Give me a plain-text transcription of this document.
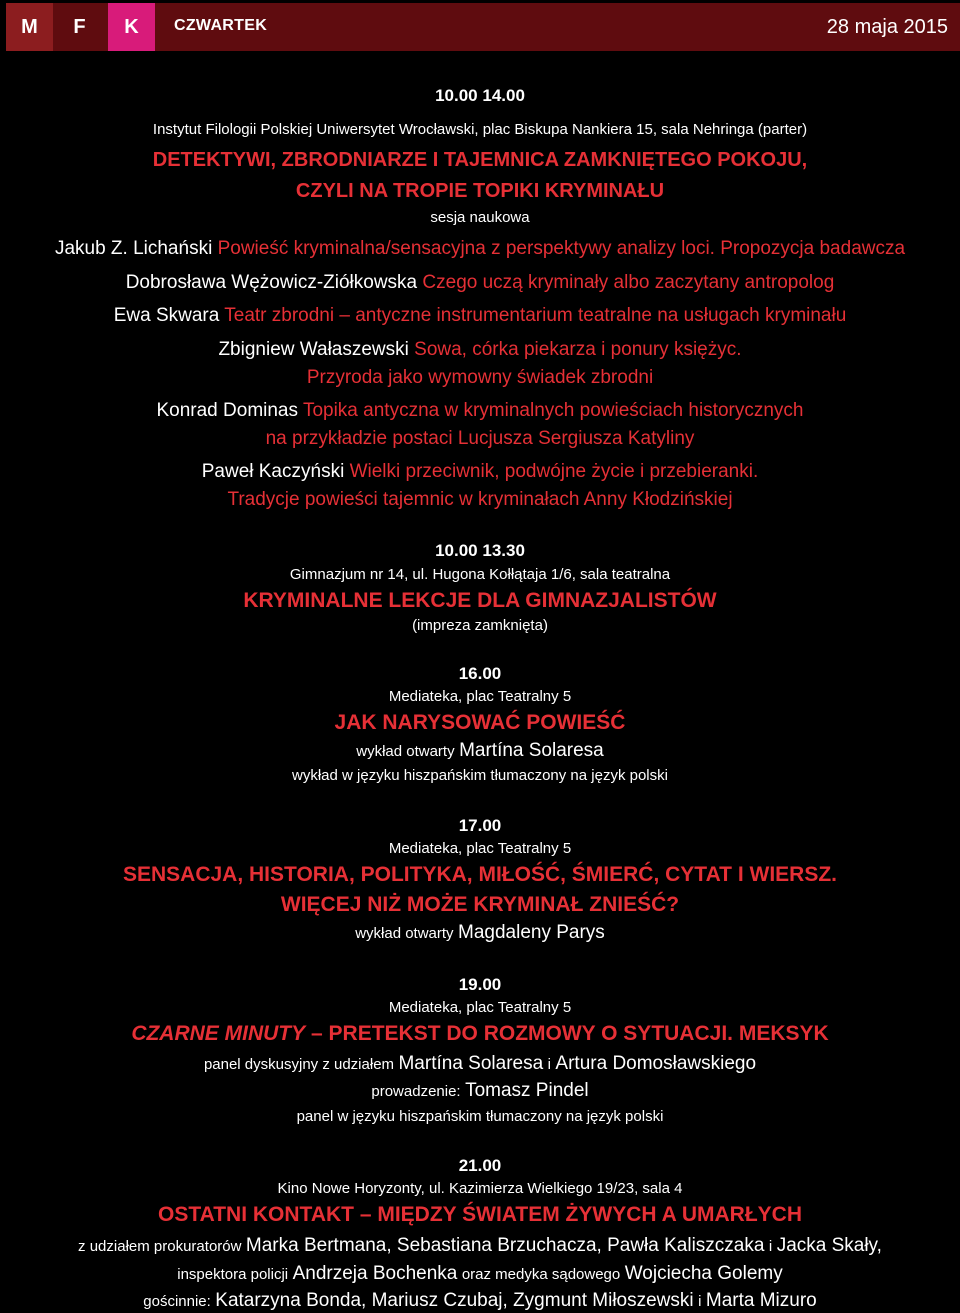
M	F	K	CZWARTEK	28 maja 2015
10.00 14.00
Instytut Filologii Polskiej Uniwersytet Wrocławski, plac Biskupa Nankiera 15, sala Nehringa (parter)
DETEKTYWI, ZBRODNIARZE I TAJEMNICA ZAMKNIĘTEGO POKOJU,
CZYLI NA TROPIE TOPIKI KRYMINAŁU
sesja naukowa
Jakub Z. Lichański Powieść kryminalna/sensacyjna z perspektywy analizy loci. Propozycja badawcza
Dobrosława Wężowicz-Ziółkowska Czego uczą kryminały albo zaczytany antropolog
Ewa Skwara Teatr zbrodni – antyczne instrumentarium teatralne na usługach kryminału
Zbigniew Wałaszewski Sowa, córka piekarza i ponury księżyc.
Przyroda jako wymowny świadek zbrodni
Konrad Dominas Topika antyczna w kryminalnych powieściach historycznych
na przykładzie postaci Lucjusza Sergiusza Katyliny
Paweł Kaczyński Wielki przeciwnik, podwójne życie i przebieranki.
Tradycje powieści tajemnic w kryminałach Anny Kłodzińskiej
10.00 13.30
Gimnazjum nr 14, ul. Hugona Kołłątaja 1/6, sala teatralna
KRYMINALNE LEKCJE DLA GIMNAZJALISTÓW
(impreza zamknięta)
16.00
Mediateka, plac Teatralny 5
JAK NARYSOWAĆ POWIEŚĆ
wykład otwarty Martína Solaresa
wykład w języku hiszpańskim tłumaczony na język polski
17.00
Mediateka, plac Teatralny 5
SENSACJA, HISTORIA, POLITYKA, MIŁOŚĆ, ŚMIERĆ, CYTAT I WIERSZ.
WIĘCEJ NIŻ MOŻE KRYMINAŁ ZNIEŚĆ?
wykład otwarty Magdaleny Parys
19.00
Mediateka, plac Teatralny 5
CZARNE MINUTY – PRETEKST DO ROZMOWY O SYTUACJI. MEKSYK
panel dyskusyjny z udziałem Martína Solaresa i Artura Domosławskiego
prowadzenie: Tomasz Pindel
panel w języku hiszpańskim tłumaczony na język polski
21.00
Kino Nowe Horyzonty, ul. Kazimierza Wielkiego 19/23, sala 4
OSTATNI KONTAKT – MIĘDZY ŚWIATEM ŻYWYCH A UMARŁYCH
z udziałem prokuratorów Marka Bertmana, Sebastiana Brzuchacza, Pawła Kaliszczaka i Jacka Skały,
inspektora policji Andrzeja Bochenka oraz medyka sądowego Wojciecha Golemy
gościnnie: Katarzyna Bonda, Mariusz Czubaj, Zygmunt Miłoszewski i Marta Mizuro
